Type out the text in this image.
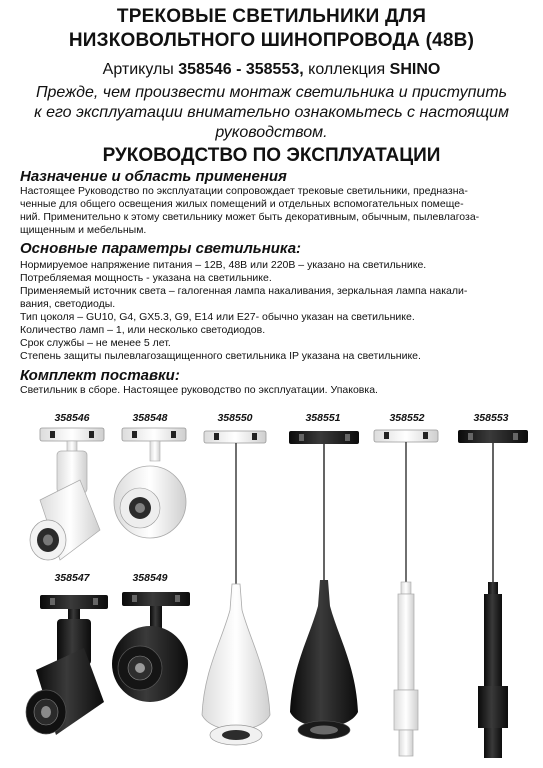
ТРЕКОВЫЕ СВЕТИЛЬНИКИ ДЛЯ
НИЗКОВОЛЬТНОГО ШИНОПРОВОДА (48В)
Артикулы 358546 - 358553, коллекция SHINO
Прежде, чем произвести монтаж светильника и приступить
к его эксплуатации внимательно ознакомьтесь с настоящим
руководством.
РУКОВОДСТВО ПО ЭКСПЛУАТАЦИИ
Назначение и область применения
Настоящее Руководство по эксплуатации сопровождает трековые светильники, предназна-
ченные для общего освещения жилых помещений и отдельных вспомогательных помеще-
ний. Применительно к этому светильнику может быть декоративным, обычным, пылевлагоза-
щищенным и мебельным.
Основные параметры светильника:
Нормируемое напряжение питания – 12В, 48В или 220В – указано на светильнике.
Потребляемая мощность - указана на светильнике.
Применяемый источник света – галогенная лампа накаливания, зеркальная лампа накали-
вания, светодиоды.
Тип цоколя – GU10, G4, GX5.3, G9, E14 или E27- обычно указан на светильнике.
Количество ламп – 1, или несколько светодиодов.
Срок службы – не менее 5 лет.
Степень защиты пылевлагозащищенного светильника IP указана на светильнике.
Комплект поставки:
Светильник в сборе. Настоящее руководство по эксплуатации. Упаковка.
358546	358548	358550	358551	358552	358553
358547	358549
